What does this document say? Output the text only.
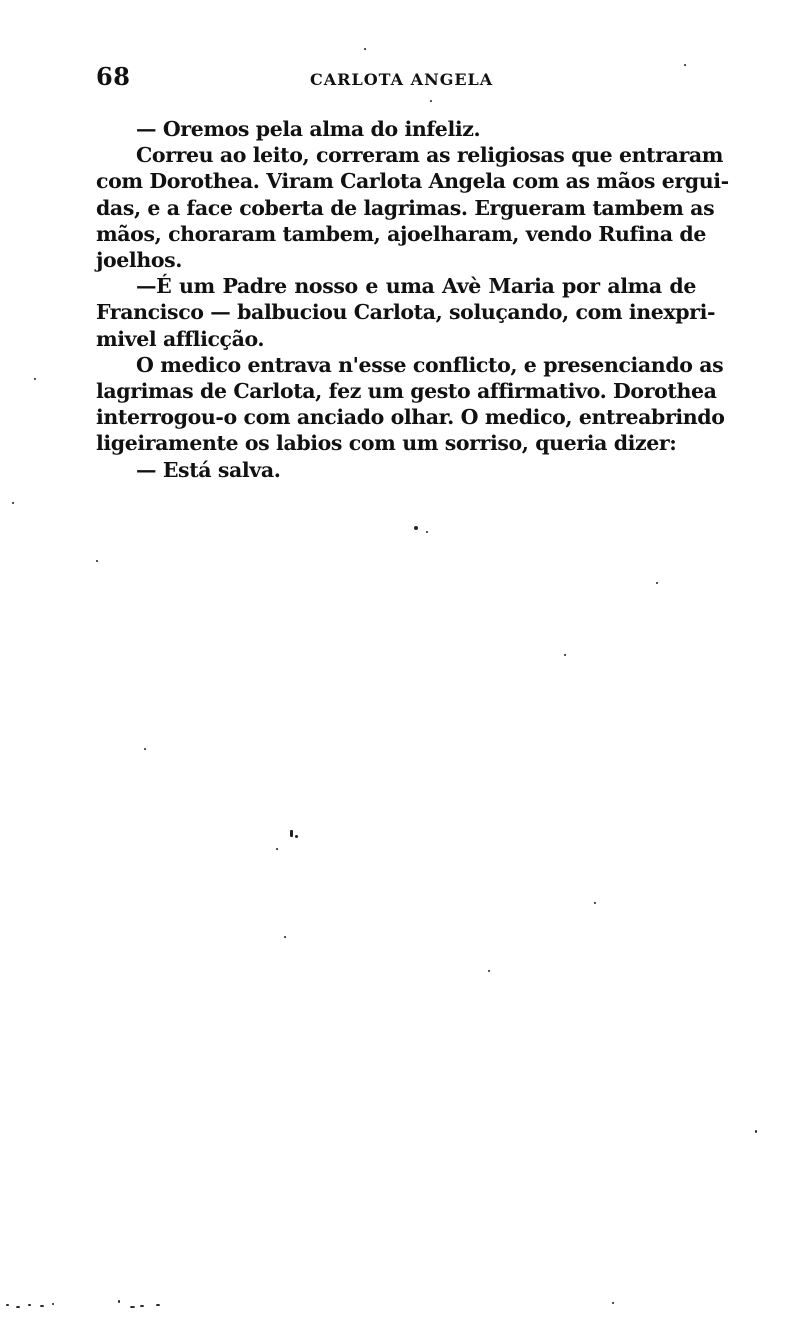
68	CARLOTA ANGELA
— Oremos pela alma do infeliz.
Correu ao leito, correram as religiosas que entraram
com Dorothea. Viram Carlota Angela com as mãos ergui-
das, e a face coberta de lagrimas. Ergueram tambem as
mãos, choraram tambem, ajoelharam, vendo Rufina de
joelhos.
—É um Padre nosso e uma Avè Maria por alma de
Francisco — balbuciou Carlota, soluçando, com inexpri-
mivel afflicção.
O medico entrava n'esse conflicto, e presenciando as
lagrimas de Carlota, fez um gesto affirmativo. Dorothea
interrogou-o com anciado olhar. O medico, entreabrindo
ligeiramente os labios com um sorriso, queria dizer:
— Está salva.
